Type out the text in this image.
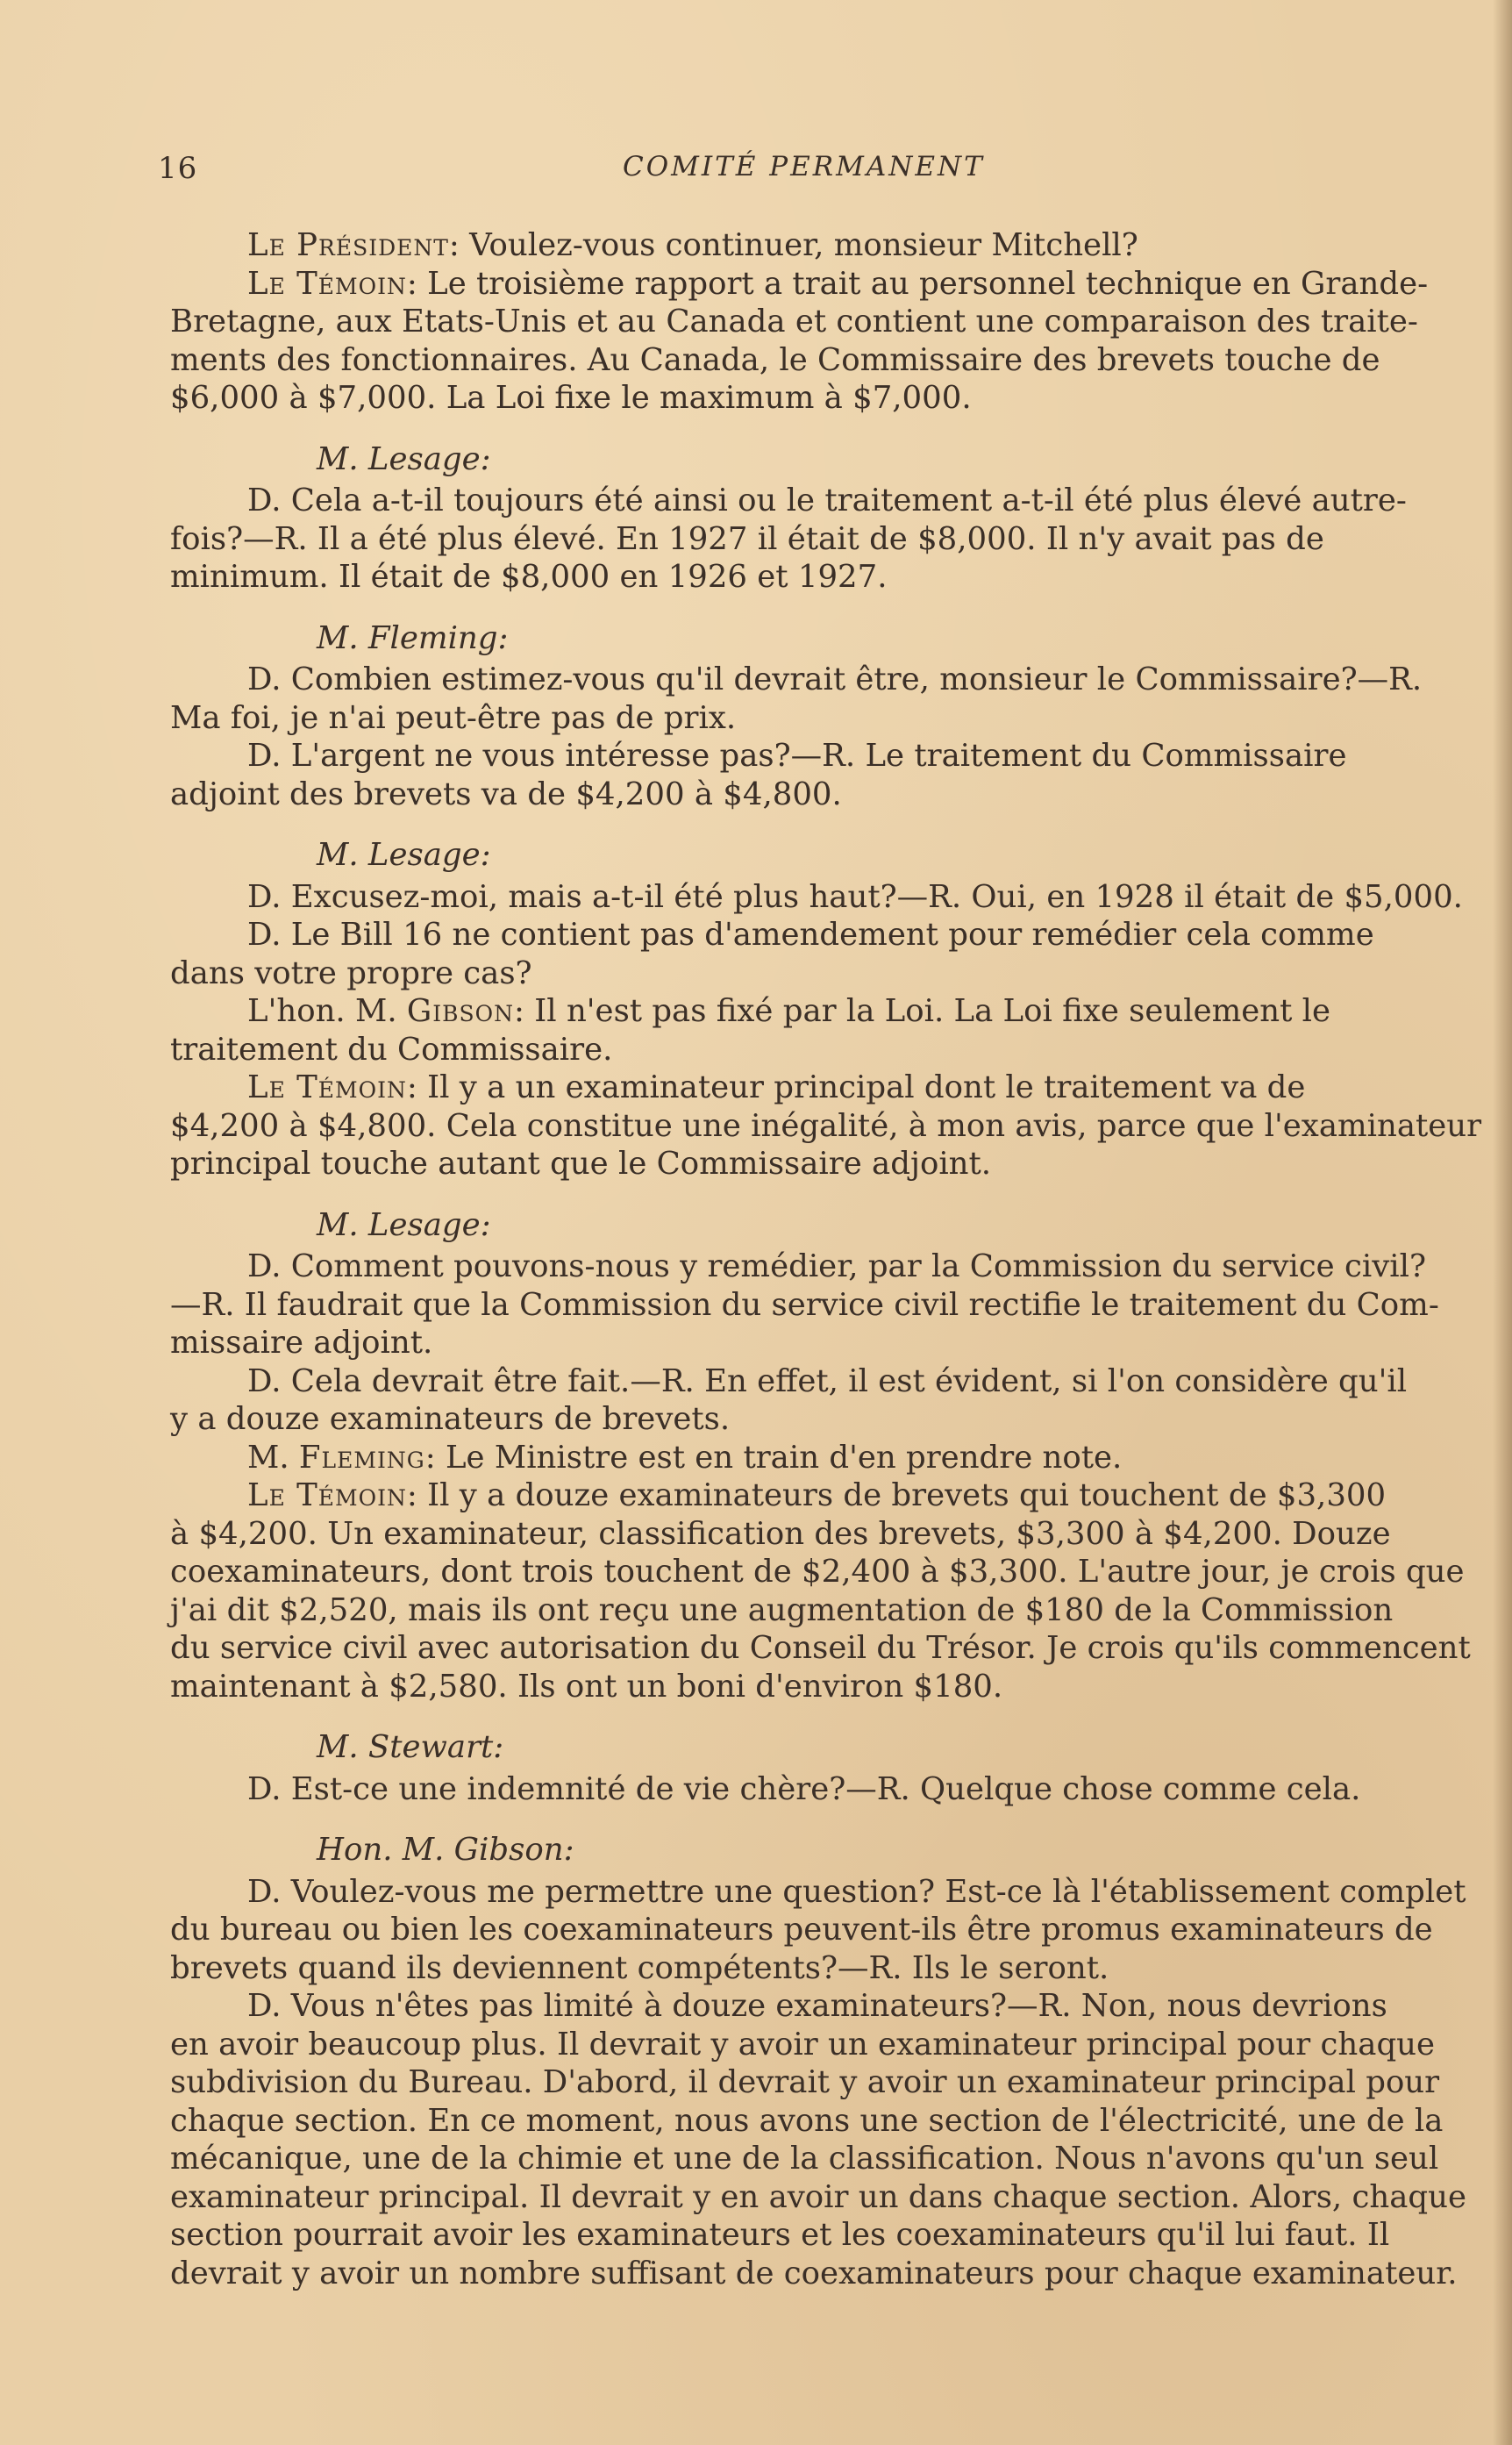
16	COMITÉ PERMANENT
Le Président: Voulez-vous continuer, monsieur Mitchell?
Le Témoin: Le troisième rapport a trait au personnel technique en Grande-
Bretagne, aux Etats-Unis et au Canada et contient une comparaison des traite-
ments des fonctionnaires. Au Canada, le Commissaire des brevets touche de
$6,000 à $7,000. La Loi fixe le maximum à $7,000.
M. Lesage:
D. Cela a-t-il toujours été ainsi ou le traitement a-t-il été plus élevé autre-
fois?—R. Il a été plus élevé. En 1927 il était de $8,000. Il n'y avait pas de
minimum. Il était de $8,000 en 1926 et 1927.
M. Fleming:
D. Combien estimez-vous qu'il devrait être, monsieur le Commissaire?—R.
Ma foi, je n'ai peut-être pas de prix.
D. L'argent ne vous intéresse pas?—R. Le traitement du Commissaire
adjoint des brevets va de $4,200 à $4,800.
M. Lesage:
D. Excusez-moi, mais a-t-il été plus haut?—R. Oui, en 1928 il était de $5,000.
D. Le Bill 16 ne contient pas d'amendement pour remédier cela comme
dans votre propre cas?
L'hon. M. Gibson: Il n'est pas fixé par la Loi. La Loi fixe seulement le
traitement du Commissaire.
Le Témoin: Il y a un examinateur principal dont le traitement va de
$4,200 à $4,800. Cela constitue une inégalité, à mon avis, parce que l'examinateur
principal touche autant que le Commissaire adjoint.
M. Lesage:
D. Comment pouvons-nous y remédier, par la Commission du service civil?
—R. Il faudrait que la Commission du service civil rectifie le traitement du Com-
missaire adjoint.
D. Cela devrait être fait.—R. En effet, il est évident, si l'on considère qu'il
y a douze examinateurs de brevets.
M. Fleming: Le Ministre est en train d'en prendre note.
Le Témoin: Il y a douze examinateurs de brevets qui touchent de $3,300
à $4,200. Un examinateur, classification des brevets, $3,300 à $4,200. Douze
coexaminateurs, dont trois touchent de $2,400 à $3,300. L'autre jour, je crois que
j'ai dit $2,520, mais ils ont reçu une augmentation de $180 de la Commission
du service civil avec autorisation du Conseil du Trésor. Je crois qu'ils commencent
maintenant à $2,580. Ils ont un boni d'environ $180.
M. Stewart:
D. Est-ce une indemnité de vie chère?—R. Quelque chose comme cela.
Hon. M. Gibson:
D. Voulez-vous me permettre une question? Est-ce là l'établissement complet
du bureau ou bien les coexaminateurs peuvent-ils être promus examinateurs de
brevets quand ils deviennent compétents?—R. Ils le seront.
D. Vous n'êtes pas limité à douze examinateurs?—R. Non, nous devrions
en avoir beaucoup plus. Il devrait y avoir un examinateur principal pour chaque
subdivision du Bureau. D'abord, il devrait y avoir un examinateur principal pour
chaque section. En ce moment, nous avons une section de l'électricité, une de la
mécanique, une de la chimie et une de la classification. Nous n'avons qu'un seul
examinateur principal. Il devrait y en avoir un dans chaque section. Alors, chaque
section pourrait avoir les examinateurs et les coexaminateurs qu'il lui faut. Il
devrait y avoir un nombre suffisant de coexaminateurs pour chaque examinateur.
